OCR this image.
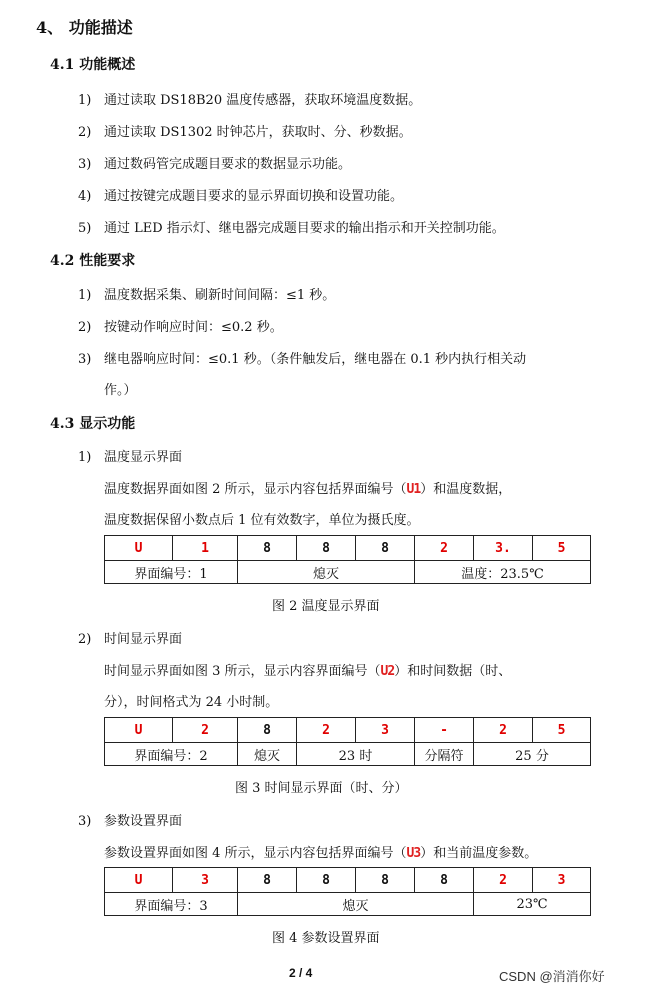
4、 功能描述
4.1 功能概述
1) 通过读取 DS18B20 温度传感器，获取环境温度数据。
2) 通过读取 DS1302 时钟芯片，获取时、分、秒数据。
3) 通过数码管完成题目要求的数据显示功能。
4) 通过按键完成题目要求的显示界面切换和设置功能。
5) 通过 LED 指示灯、继电器完成题目要求的输出指示和开关控制功能。
4.2 性能要求
1) 温度数据采集、刷新时间间隔：≤1 秒。
2) 按键动作响应时间：≤0.2 秒。
3) 继电器响应时间：≤0.1 秒。（条件触发后，继电器在 0.1 秒内执行相关动
作。）
4.3 显示功能
1) 温度显示界面
温度数据界面如图 2 所示，显示内容包括界面编号（U1）和温度数据，
温度数据保留小数点后 1 位有效数字，单位为摄氏度。
U	1	8	8	8	2	3.	5
界面编号：1		熄灭			温度：23.5℃		
图 2 温度显示界面
2) 时间显示界面
时间显示界面如图 3 所示，显示内容界面编号（U2）和时间数据（时、
分），时间格式为 24 小时制。
U	2	8	2	3	-	2	5
界面编号：2		熄灭	23 时		分隔符	25 分	
图 3 时间显示界面（时、分）
3) 参数设置界面
参数设置界面如图 4 所示，显示内容包括界面编号（U3）和当前温度参数。
U	3	8	8	8	8	2	3
界面编号：3		熄灭				23℃	
图 4 参数设置界面
2 / 4	CSDN @消消你好
